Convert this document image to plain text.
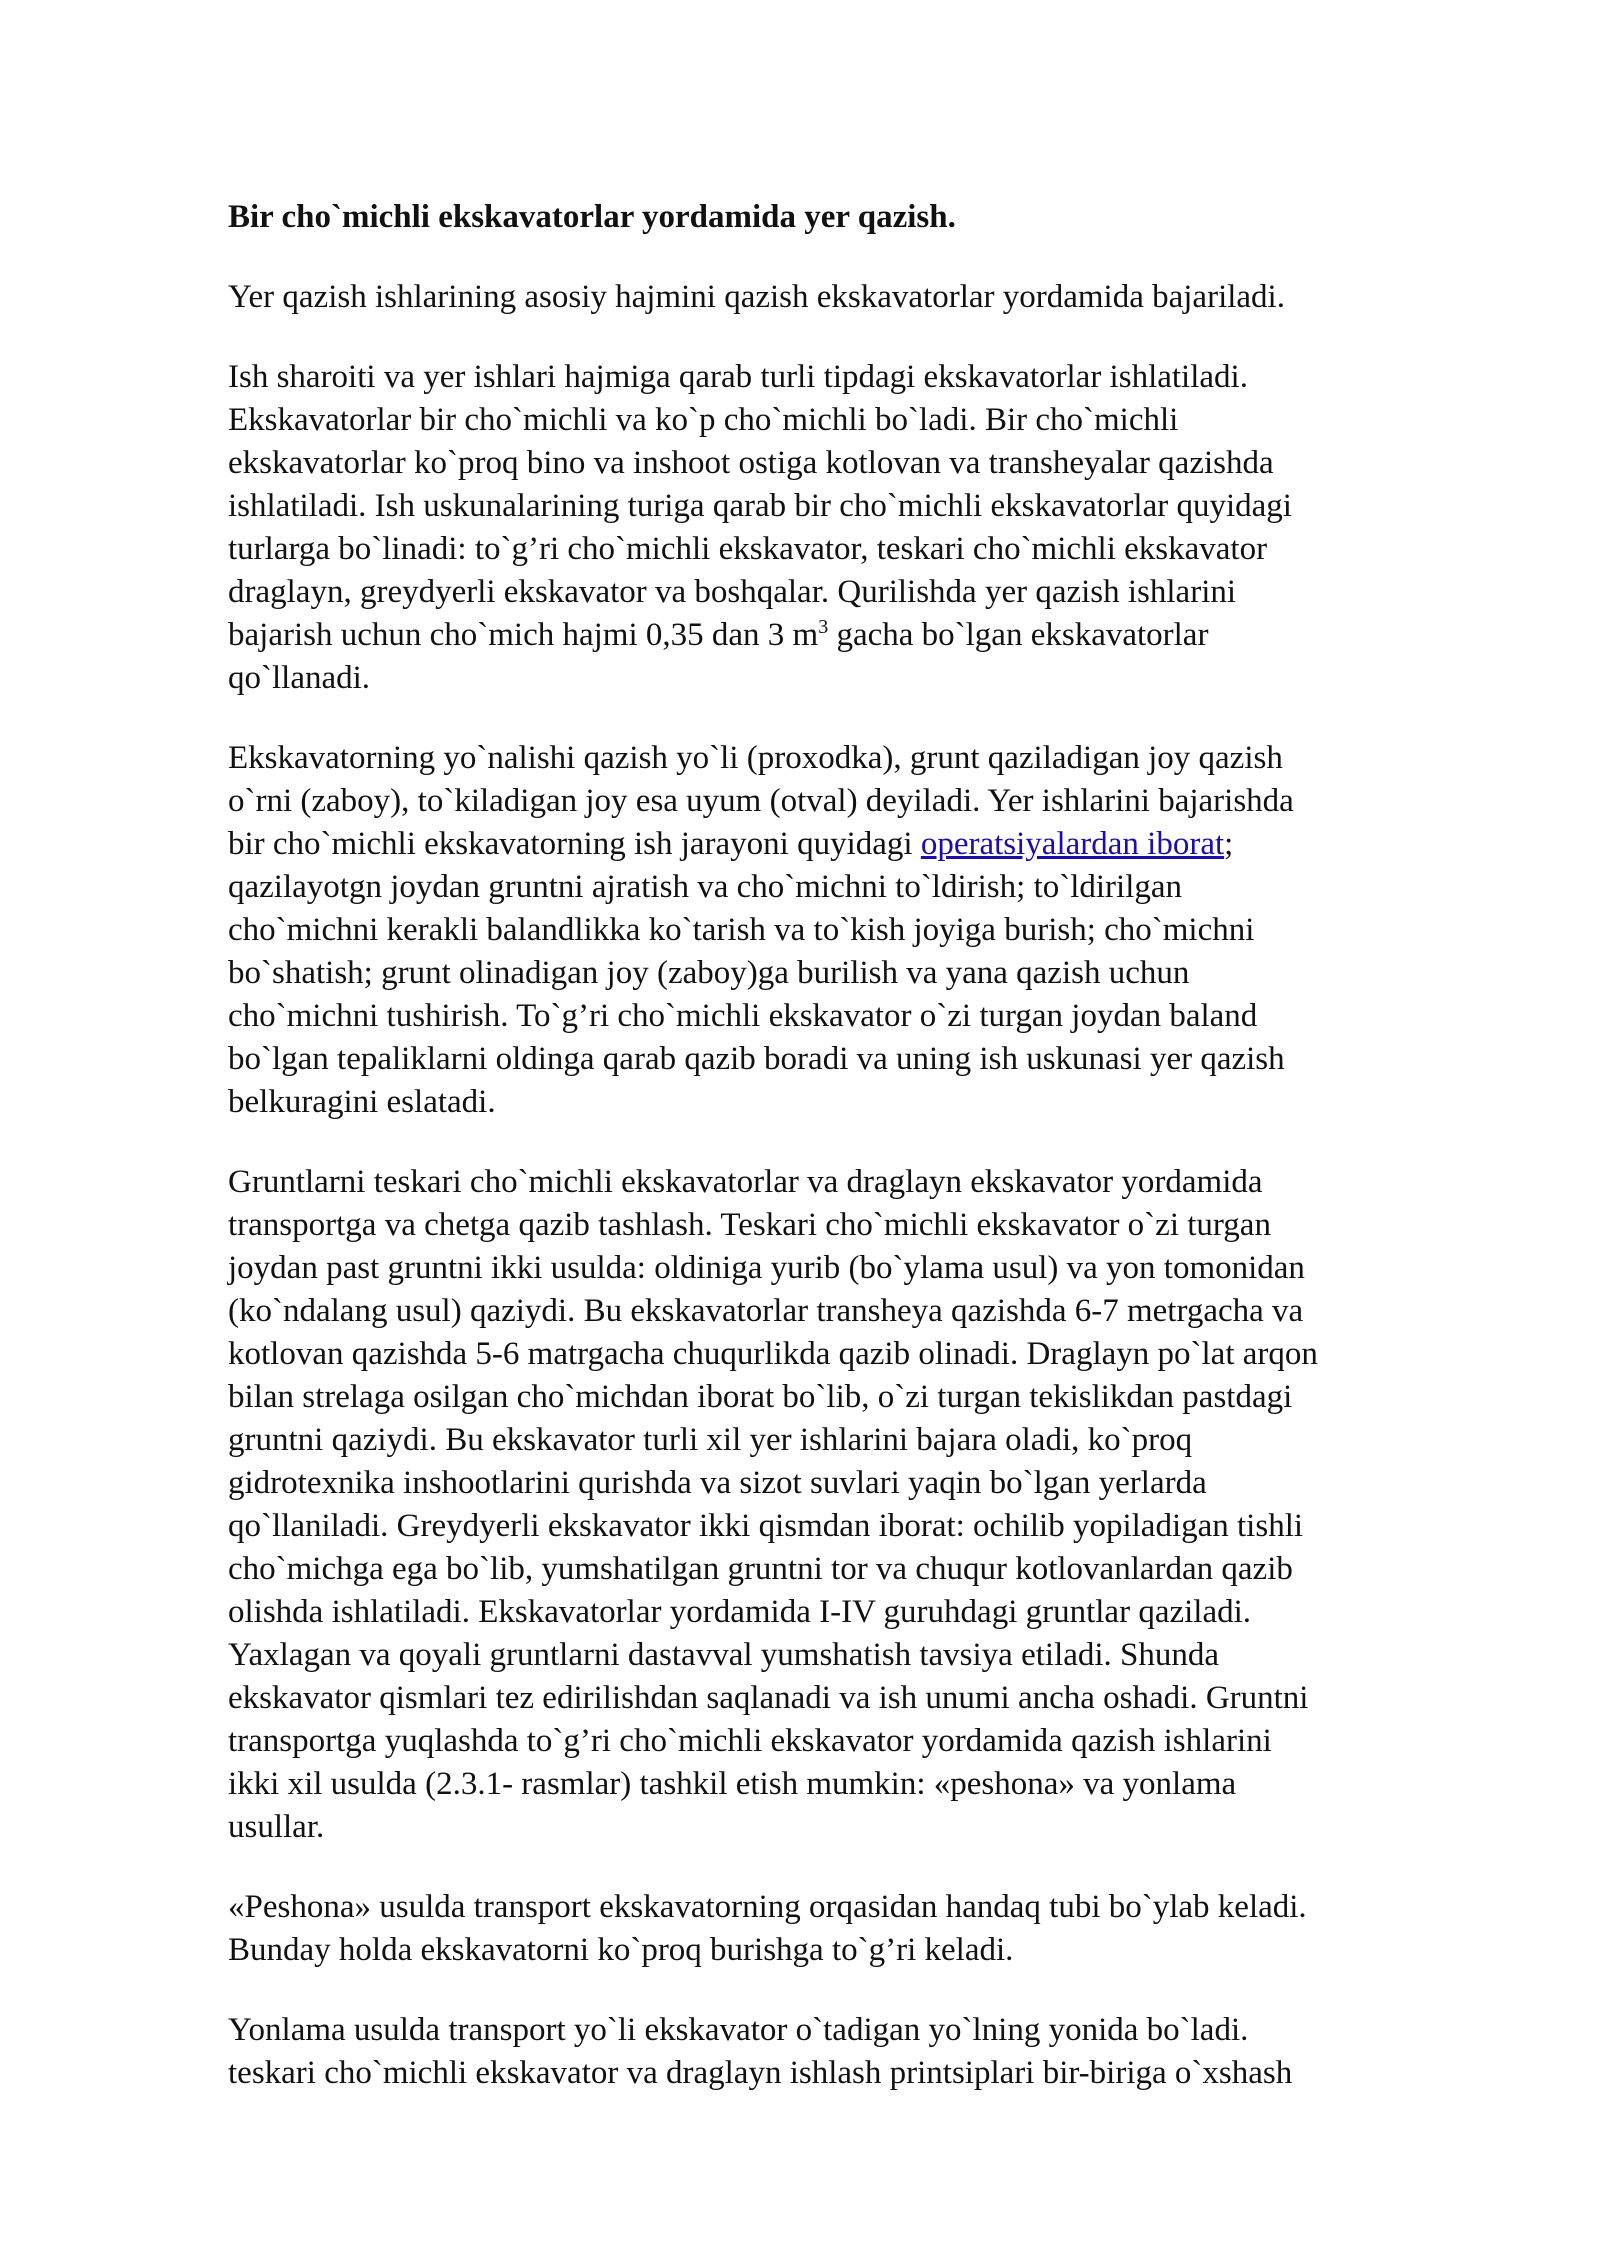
Bir cho`michli ekskavatorlar yordamida yer qazish.
Yer qazish ishlarining asosiy hajmini qazish ekskavatorlar yordamida bajariladi.
Ish sharoiti va yer ishlari hajmiga qarab turli tipdagi ekskavatorlar ishlatiladi.
Ekskavatorlar bir cho`michli va ko`p cho`michli bo`ladi. Bir cho`michli
ekskavatorlar ko`proq bino va inshoot ostiga kotlovan va transheyalar qazishda
ishlatiladi. Ish uskunalarining turiga qarab bir cho`michli ekskavatorlar quyidagi
turlarga bo`linadi: to`g’ri cho`michli ekskavator, teskari cho`michli ekskavator
draglayn, greydyerli ekskavator va boshqalar. Qurilishda yer qazish ishlarini
bajarish uchun cho`mich hajmi 0,35 dan 3 $m^3$ gacha bo`lgan ekskavatorlar
qo`llanadi.
Ekskavatorning yo`nalishi qazish yo`li (proxodka), grunt qaziladigan joy qazish
o`rni (zaboy), to`kiladigan joy esa uyum (otval) deyiladi. Yer ishlarini bajarishda
bir cho`michli ekskavatorning ish jarayoni quyidagi operatsiyalardan iborat;
qazilayotgn joydan gruntni ajratish va cho`michni to`ldirish; to`ldirilgan
cho`michni kerakli balandlikka ko`tarish va to`kish joyiga burish; cho`michni
bo`shatish; grunt olinadigan joy (zaboy)ga burilish va yana qazish uchun
cho`michni tushirish. To`g’ri cho`michli ekskavator o`zi turgan joydan baland
bo`lgan tepaliklarni oldinga qarab qazib boradi va uning ish uskunasi yer qazish
belkuragini eslatadi.
Gruntlarni teskari cho`michli ekskavatorlar va draglayn ekskavator yordamida
transportga va chetga qazib tashlash. Teskari cho`michli ekskavator o`zi turgan
joydan past gruntni ikki usulda: oldiniga yurib (bo`ylama usul) va yon tomonidan
(ko`ndalang usul) qaziydi. Bu ekskavatorlar transheya qazishda 6-7 metrgacha va
kotlovan qazishda 5-6 matrgacha chuqurlikda qazib olinadi. Draglayn po`lat arqon
bilan strelaga osilgan cho`michdan iborat bo`lib, o`zi turgan tekislikdan pastdagi
gruntni qaziydi. Bu ekskavator turli xil yer ishlarini bajara oladi, ko`proq
gidrotexnika inshootlarini qurishda va sizot suvlari yaqin bo`lgan yerlarda
qo`llaniladi. Greydyerli ekskavator ikki qismdan iborat: ochilib yopiladigan tishli
cho`michga ega bo`lib, yumshatilgan gruntni tor va chuqur kotlovanlardan qazib
olishda ishlatiladi. Ekskavatorlar yordamida I-IV guruhdagi gruntlar qaziladi.
Yaxlagan va qoyali gruntlarni dastavval yumshatish tavsiya etiladi. Shunda
ekskavator qismlari tez edirilishdan saqlanadi va ish unumi ancha oshadi. Gruntni
transportga yuqlashda to`g’ri cho`michli ekskavator yordamida qazish ishlarini
ikki xil usulda (2.3.1- rasmlar) tashkil etish mumkin: «peshona» va yonlama
usullar.
«Peshona» usulda transport ekskavatorning orqasidan handaq tubi bo`ylab keladi.
Bunday holda ekskavatorni ko`proq burishga to`g’ri keladi.
Yonlama usulda transport yo`li ekskavator o`tadigan yo`lning yonida bo`ladi.
teskari cho`michli ekskavator va draglayn ishlash printsiplari bir-biriga o`xshash
